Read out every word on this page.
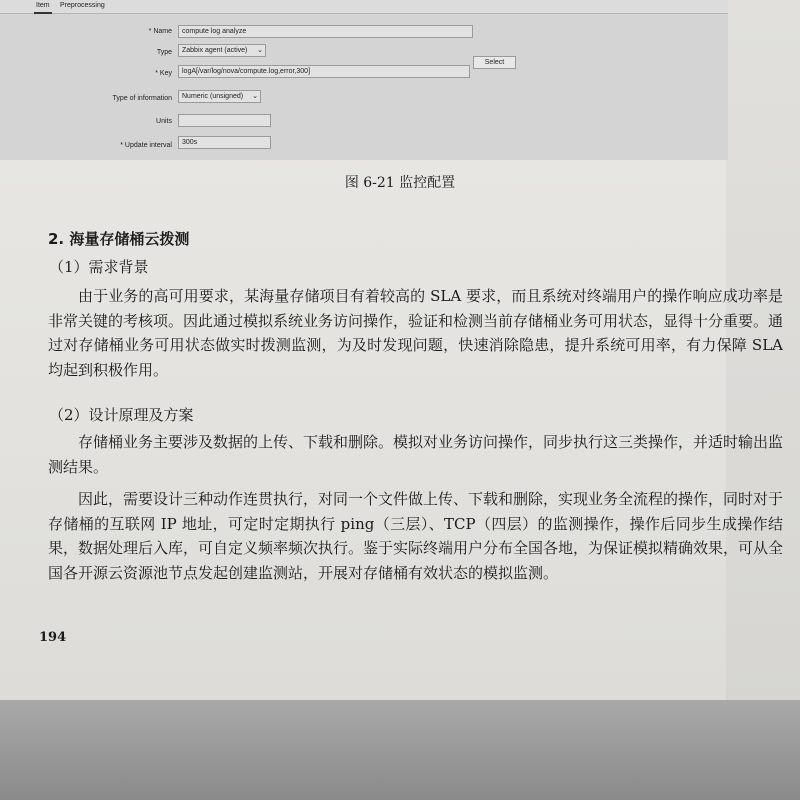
Item Preprocessing
* Name	compute log analyze
Type	Zabbix agent (active) ⌄
* Key	logA[/var/log/nova/compute.log,error,300]
Select
Type of information	Numeric (unsigned) ⌄
Units
* Update interval	300s
图 6-21 监控配置
2. 海量存储桶云拨测
（1）需求背景

由于业务的高可用要求，某海量存储项目有着较高的 SLA 要求，而且系统对终端用户的操作响应成功率是非常关键的考核项。因此通过模拟系统业务访问操作，验证和检测当前存储桶业务可用状态，显得十分重要。通过对存储桶业务可用状态做实时拨测监测，为及时发现问题，快速消除隐患，提升系统可用率，有力保障 SLA 均起到积极作用。

（2）设计原理及方案

存储桶业务主要涉及数据的上传、下载和删除。模拟对业务访问操作，同步执行这三类操作，并适时输出监测结果。

因此，需要设计三种动作连贯执行，对同一个文件做上传、下载和删除，实现业务全流程的操作，同时对于存储桶的互联网 IP 地址，可定时定期执行 ping（三层）、TCP（四层）的监测操作，操作后同步生成操作结果，数据处理后入库，可自定义频率频次执行。鉴于实际终端用户分布全国各地，为保证模拟精确效果，可从全国各开源云资源池节点发起创建监测站，开展对存储桶有效状态的模拟监测。

194
